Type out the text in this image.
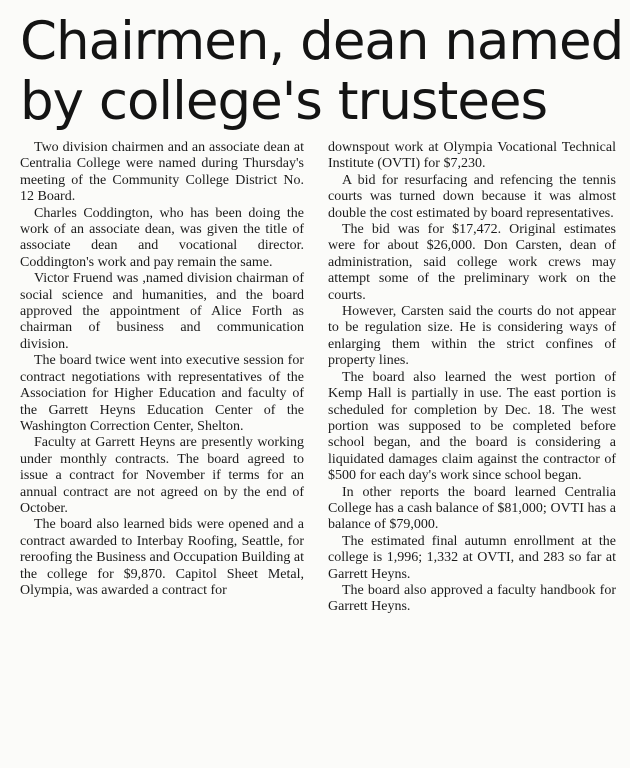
Chairmen, dean named
by college's trustees

Two division chairmen and an associate dean at Centralia College were named during Thursday's meeting of the Community College District No. 12 Board.

Charles Coddington, who has been doing the work of an associate dean, was given the title of associate dean and vocational director. Coddington's work and pay remain the same.

Victor Fruend was ,named division chairman of social science and humanities, and the board approved the appointment of Alice Forth as chairman of business and communication division.

The board twice went into executive session for contract negotiations with representatives of the Association for Higher Education and faculty of the Garrett Heyns Education Center of the Washington Correction Center, Shelton.

Faculty at Garrett Heyns are presently working under monthly contracts. The board agreed to issue a contract for November if terms for an annual contract are not agreed on by the end of October.

The board also learned bids were opened and a contract awarded to Interbay Roofing, Seattle, for reroofing the Business and Occupation Building at the college for $9,870. Capitol Sheet Metal, Olympia, was awarded a contract for

downspout work at Olympia Vocational Technical Institute (OVTI) for $7,230.

A bid for resurfacing and refencing the tennis courts was turned down because it was almost double the cost estimated by board representatives.

The bid was for $17,472. Original estimates were for about $26,000. Don Carsten, dean of administration, said college work crews may attempt some of the preliminary work on the courts.

However, Carsten said the courts do not appear to be regulation size. He is considering ways of enlarging them within the strict confines of property lines.

The board also learned the west portion of Kemp Hall is partially in use. The east portion is scheduled for completion by Dec. 18. The west portion was supposed to be completed before school began, and the board is considering a liquidated damages claim against the contractor of $500 for each day's work since school began.

In other reports the board learned Centralia College has a cash balance of $81,000; OVTI has a balance of $79,000.

The estimated final autumn enrollment at the college is 1,996; 1,332 at OVTI, and 283 so far at Garrett Heyns.

The board also approved a faculty handbook for Garrett Heyns.
